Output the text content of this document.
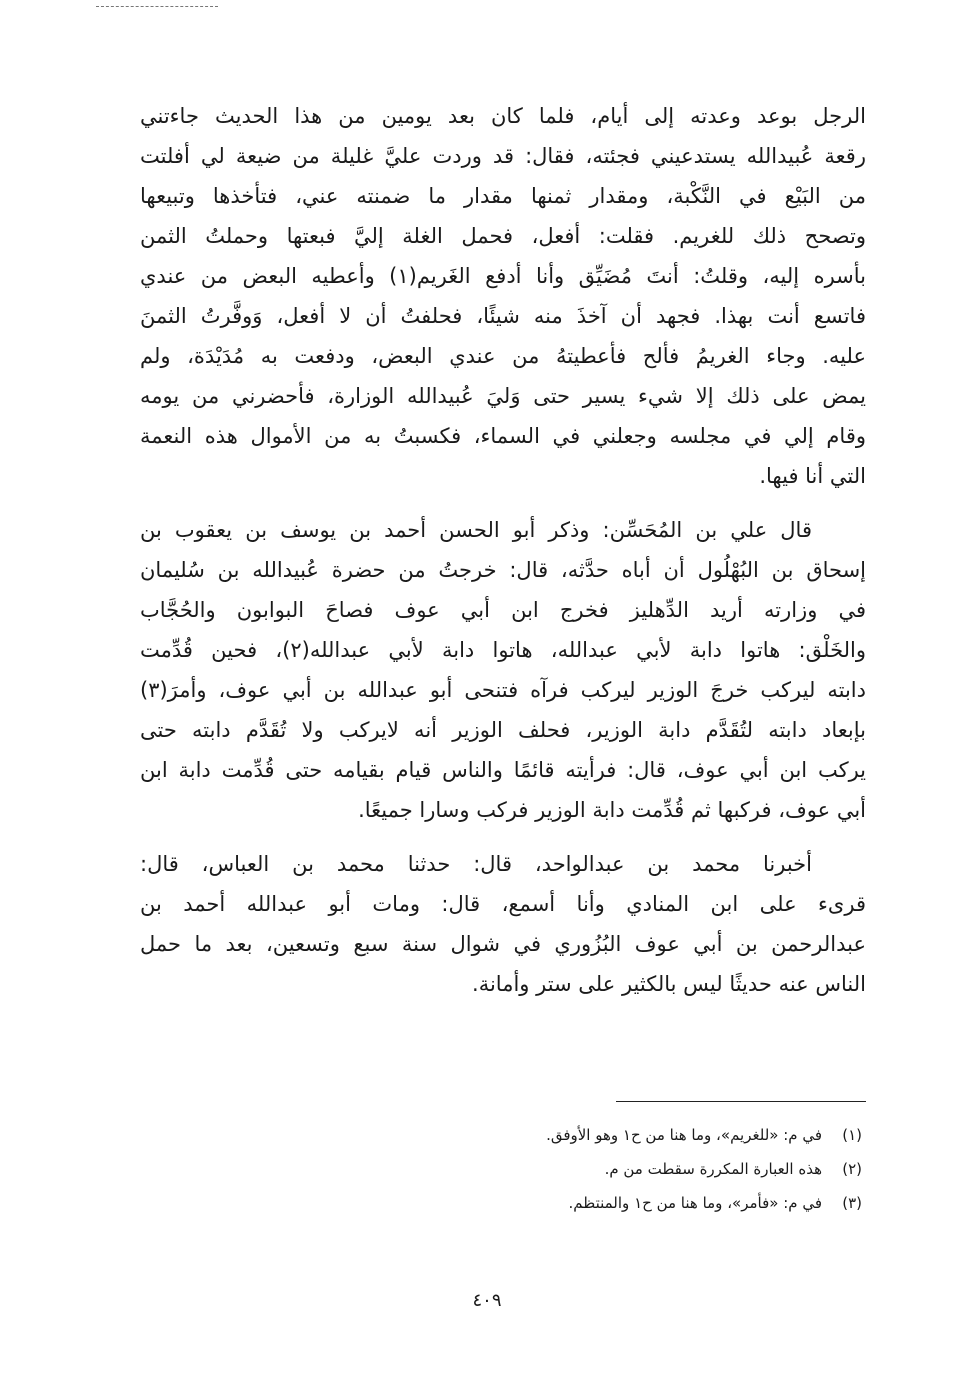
الرجل بوعد وعدته إلى أيام، فلما كان بعد يومين من هذا الحديث جاءتني
رقعة عُبيدالله يستدعيني فجئته، فقال: قد وردت عليَّ غليلة من ضيعة لي أفلتت
من البَيْع في النَّكْبة، ومقدار ثمنها مقدار ما ضمنته عني، فتأخذها وتبيعها
وتصحح ذلك للغريم. فقلت: أفعل، فحمل الغلة إليَّ فبعتها وحملتُ الثمن
بأسره إليه، وقلتُ: أنتَ مُضَيِّق وأنا أدفع الغَريم(١) وأعطيه البعض من عندي
فاتسع أنت بهذا. فجهد أن آخذَ منه شيئًا، فحلفتُ أن لا أفعل، وَوفَّرتُ الثمنَ
عليه. وجاء الغريمُ فألح فأعطيتهُ من عندي البعض، ودفعت به مُدَيْدَة، ولم
يمض على ذلك إلا شيء يسير حتى وَليَ عُبيدالله الوزارة، فأحضرني من يومه
وقام إلي في مجلسه وجعلني في السماء، فكسبتُ به من الأموال هذه النعمة
التي أنا فيها.

قال علي بن المُحَسِّن: وذكر أبو الحسن أحمد بن يوسف بن يعقوب بن
إسحاق بن البُهْلُول أن أباه حدَّثه، قال: خرجتُ من حضرة عُبيدالله بن سُليمان
في وزارته أريد الدِّهليز فخرج ابن أبي عوف فصاحَ البوابون والحُجَّاب
والخَلْق: هاتوا دابة لأبي عبدالله، هاتوا دابة لأبي عبدالله(٢)، فحين قُدِّمت
دابته ليركب خرجَ الوزير ليركب فرآه فتنحى أبو عبدالله بن أبي عوف، وأمرَ(٣)
بإبعاد دابته لتُقَدَّم دابة الوزير، فحلف الوزير أنه لايركب ولا تُقَدَّم دابته حتى
يركب ابن أبي عوف، قال: فرأيته قائمًا والناس قيام بقيامه حتى قُدِّمت دابة ابن
أبي عوف، فركبها ثم قُدِّمت دابة الوزير فركب وسارا جميعًا.

أخبرنا محمد بن عبدالواحد، قال: حدثنا محمد بن العباس، قال:
قرىء على ابن المنادي وأنا أسمع، قال: ومات أبو عبدالله أحمد بن
عبدالرحمن بن أبي عوف البُزُوري في شوال سنة سبع وتسعين، بعد ما حمل
الناس عنه حديثًا ليس بالكثير على ستر وأمانة.

(١)
في م: «للغريم»، وما هنا من ح١ وهو الأوفق.
(٢)
هذه العبارة المكررة سقطت من م.
(٣)
في م: «فأمر»، وما هنا من ح١ والمنتظم.
٤٠٩
